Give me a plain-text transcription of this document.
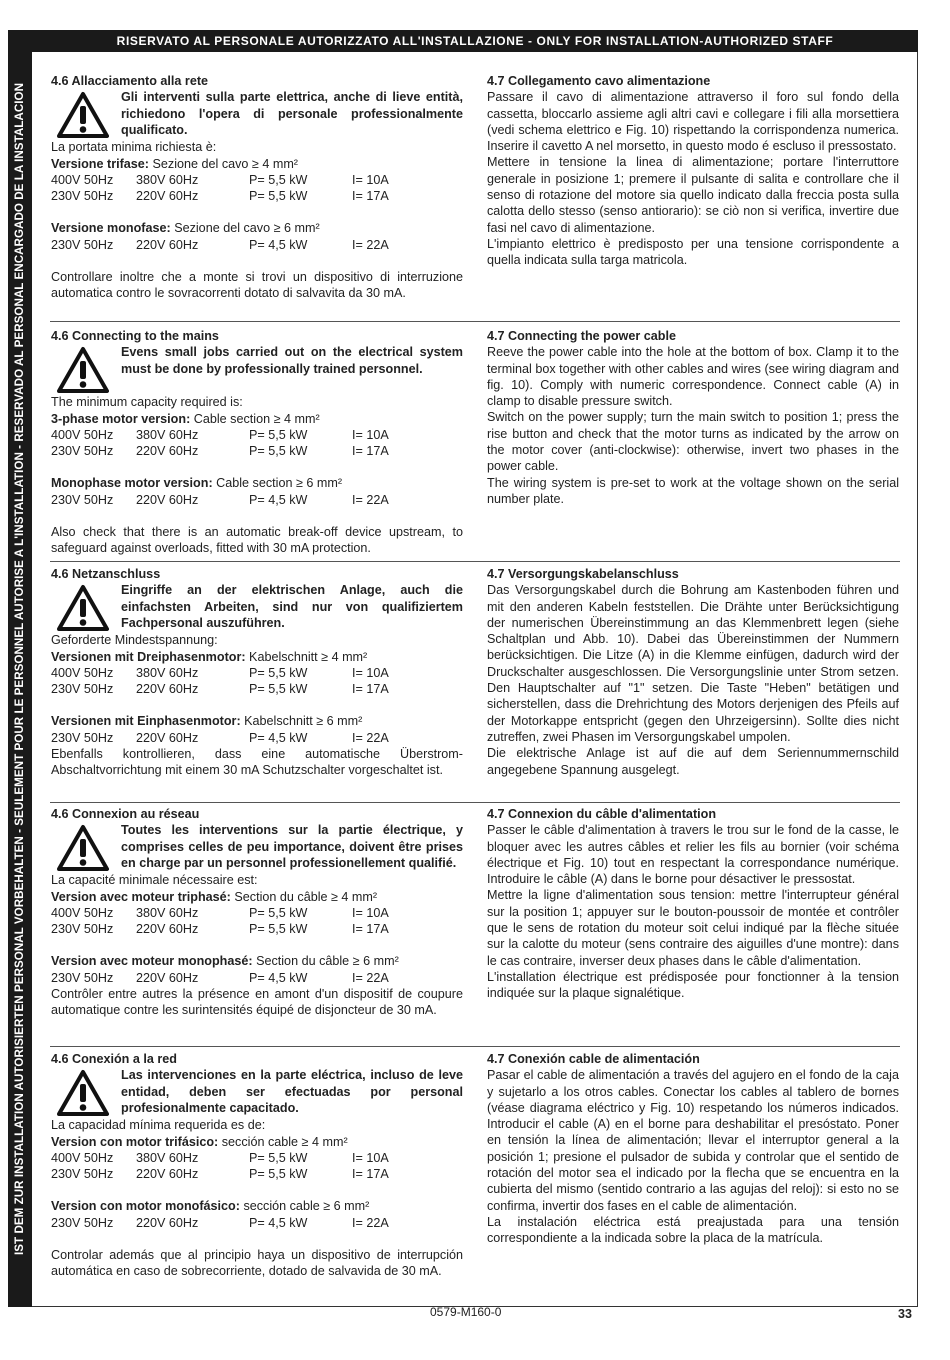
IST DEM ZUR INSTALLATION AUTORISIERTEN PERSONAL VORBEHALTEN - SEULEMENT POUR LE PERSONNEL AUTORISE A L'INSTALLATION - RESERVADO AL PERSONAL ENCARGADO DE LA INSTALACION
RISERVATO AL PERSONALE AUTORIZZATO ALL'INSTALLAZIONE - ONLY FOR INSTALLATION-AUTHORIZED STAFF

4.6 Allacciamento alla rete

Gli interventi sulla parte elettrica, anche di lieve entità, richiedono l'opera di personale professionalmente qualificato.

La portata minima richiesta è:

Versione trifase: Sezione del cavo ≥ 4 mm²

400V 50Hz	380V 60Hz	P= 5,5 kW	I= 10A
230V 50Hz	220V 60Hz	P= 5,5 kW	I= 17A

Versione monofase: Sezione del cavo ≥ 6 mm²

230V 50Hz	220V 60Hz	P= 4,5 kW	I= 22A

Controllare inoltre che a monte si trovi un dispositivo di interruzione automatica contro le sovracorrenti dotato di salvavita da 30 mA.

4.7 Collegamento cavo alimentazione

Passare il cavo di alimentazione attraverso il foro sul fondo della cassetta, bloccarlo assieme agli altri cavi e collegare i fili alla morsettiera (vedi schema elettrico e Fig. 10) rispettando la corrispondenza numerica. Inserire il cavetto A nel morsetto, in questo modo é escluso il pressostato.

Mettere in tensione la linea di alimentazione; portare l'interruttore generale in posizione 1; premere il pulsante di salita e controllare che il senso di rotazione del motore sia quello indicato dalla freccia posta sulla calotta dello stesso (senso antiorario): se ciò non si verifica, invertire due fasi nel cavo di alimentazione.

L'impianto elettrico è predisposto per una tensione corrispondente a quella indicata sulla targa matricola.

4.6 Connecting to the mains

Evens small jobs carried out on the electrical system must be done by professionally trained personnel.

The minimum capacity required is:

3-phase motor version: Cable section ≥ 4 mm²

400V 50Hz	380V 60Hz	P= 5,5 kW	I= 10A
230V 50Hz	220V 60Hz	P= 5,5 kW	I= 17A

Monophase motor version: Cable section ≥ 6 mm²

230V 50Hz	220V 60Hz	P= 4,5 kW	I= 22A

Also check that there is an automatic break-off device upstream, to safeguard against overloads, fitted with 30 mA protection.

4.7 Connecting the power cable

Reeve the power cable into the hole at the bottom of box. Clamp it to the terminal box together with other cables and wires (see wiring diagram and fig. 10). Comply with numeric correspondence. Connect cable (A) in clamp to disable pressure switch.

Switch on the power supply; turn the main switch to position 1; press the rise button and check that the motor turns as indicated by the arrow on the motor cover (anti-clockwise): otherwise, invert two phases in the power cable.

The wiring system is pre-set to work at the voltage shown on the serial number plate.

4.6 Netzanschluss

Eingriffe an der elektrischen Anlage, auch die einfachsten Arbeiten, sind nur von qualifiziertem Fachpersonal auszuführen.

Geforderte Mindestspannung:

Versionen mit Dreiphasenmotor: Kabelschnitt ≥ 4 mm²

400V 50Hz	380V 60Hz	P= 5,5 kW	I= 10A
230V 50Hz	220V 60Hz	P= 5,5 kW	I= 17A

Versionen mit Einphasenmotor: Kabelschnitt ≥ 6 mm²

230V 50Hz	220V 60Hz	P= 4,5 kW	I= 22A

Ebenfalls kontrollieren, dass eine automatische Überstrom-Abschaltvorrichtung mit einem 30 mA Schutzschalter vorgeschaltet ist.

4.7 Versorgungskabelanschluss

Das Versorgungskabel durch die Bohrung am Kastenboden führen und mit den anderen Kabeln feststellen. Die Drähte unter Berücksichtigung der numerischen Übereinstimmung an das Klemmenbrett legen (siehe Schaltplan und Abb. 10). Dabei das Übereinstimmen der Nummern berücksichtigen. Die Litze (A) in die Klemme einfügen, dadurch wird der Druckschalter ausgeschlossen. Die Versorgungslinie unter Strom setzen. Den Hauptschalter auf "1" setzen. Die Taste "Heben" betätigen und sicherstellen, dass die Drehrichtung des Motors derjenigen des Pfeils auf der Motorkappe entspricht (gegen den Uhrzeigersinn). Sollte dies nicht zutreffen, zwei Phasen im Versorgungskabel umpolen.

Die elektrische Anlage ist auf die auf dem Seriennummernschild angegebene Spannung ausgelegt.

4.6 Connexion au réseau

Toutes les interventions sur la partie électrique, y comprises celles de peu importance, doivent être prises en charge par un personnel professionellement qualifié.

La capacité minimale nécessaire est:

Version avec moteur triphasé: Section du câble ≥ 4 mm²

400V 50Hz	380V 60Hz	P= 5,5 kW	I= 10A
230V 50Hz	220V 60Hz	P= 5,5 kW	I= 17A

Version avec moteur monophasé: Section du câble ≥ 6 mm²

230V 50Hz	220V 60Hz	P= 4,5 kW	I= 22A

Contrôler entre autres la présence en amont d'un dispositif de coupure automatique contre les surintensités équipé de disjoncteur de 30 mA.

4.7 Connexion du câble d'alimentation

Passer le câble d'alimentation à travers le trou sur le fond de la casse, le bloquer avec les autres câbles et relier les fils au bornier (voir schéma électrique et Fig. 10) tout en respectant la correspondance numérique. Introduire le câble (A) dans le borne pour désactiver le pressostat.

Mettre la ligne d'alimentation sous tension: mettre l'interrupteur général sur la position 1; appuyer sur le bouton-poussoir de montée et contrôler que le sens de rotation du moteur soit celui indiqué par la flèche située sur la calotte du moteur (sens contraire des aiguilles d'une montre): dans le cas contraire, inverser deux phases dans le câble d'alimentation.

L'installation électrique est prédisposée pour fonctionner à la tension indiquée sur la plaque signalétique.

4.6 Conexión a la red

Las intervenciones en la parte eléctrica, incluso de leve entidad, deben ser efectuadas por personal profesionalmente capacitado.

La capacidad mínima requerida es de:

Version con motor trifásico: sección cable ≥ 4 mm²

400V 50Hz	380V 60Hz	P= 5,5 kW	I= 10A
230V 50Hz	220V 60Hz	P= 5,5 kW	I= 17A

Version con motor monofásico: sección cable ≥ 6 mm²

230V 50Hz	220V 60Hz	P= 4,5 kW	I= 22A

Controlar además que al principio haya un dispositivo de interrupción automática en caso de sobrecorriente, dotado de salvavida de 30 mA.

4.7 Conexión cable de alimentación

Pasar el cable de alimentación a través del agujero en el fondo de la caja y sujetarlo a los otros cables. Conectar los cables al tablero de bornes (véase diagrama eléctrico y Fig. 10) respetando los números indicados. Introducir el cable (A) en el borne para deshabilitar el presóstato. Poner en tensión la línea de alimentación; llevar el interruptor general a la posición 1; presione el pulsador de subida y controlar que el sentido de rotación del motor sea el indicado por la flecha que se encuentra en la cubierta del mismo (sentido contrario a las agujas del reloj): si esto no se confirma, invertir dos fases en el cable de alimentación.

La instalación eléctrica está preajustada para una tensión correspondiente a la indicada sobre la placa de la matrícula.

0579-M160-0	33
